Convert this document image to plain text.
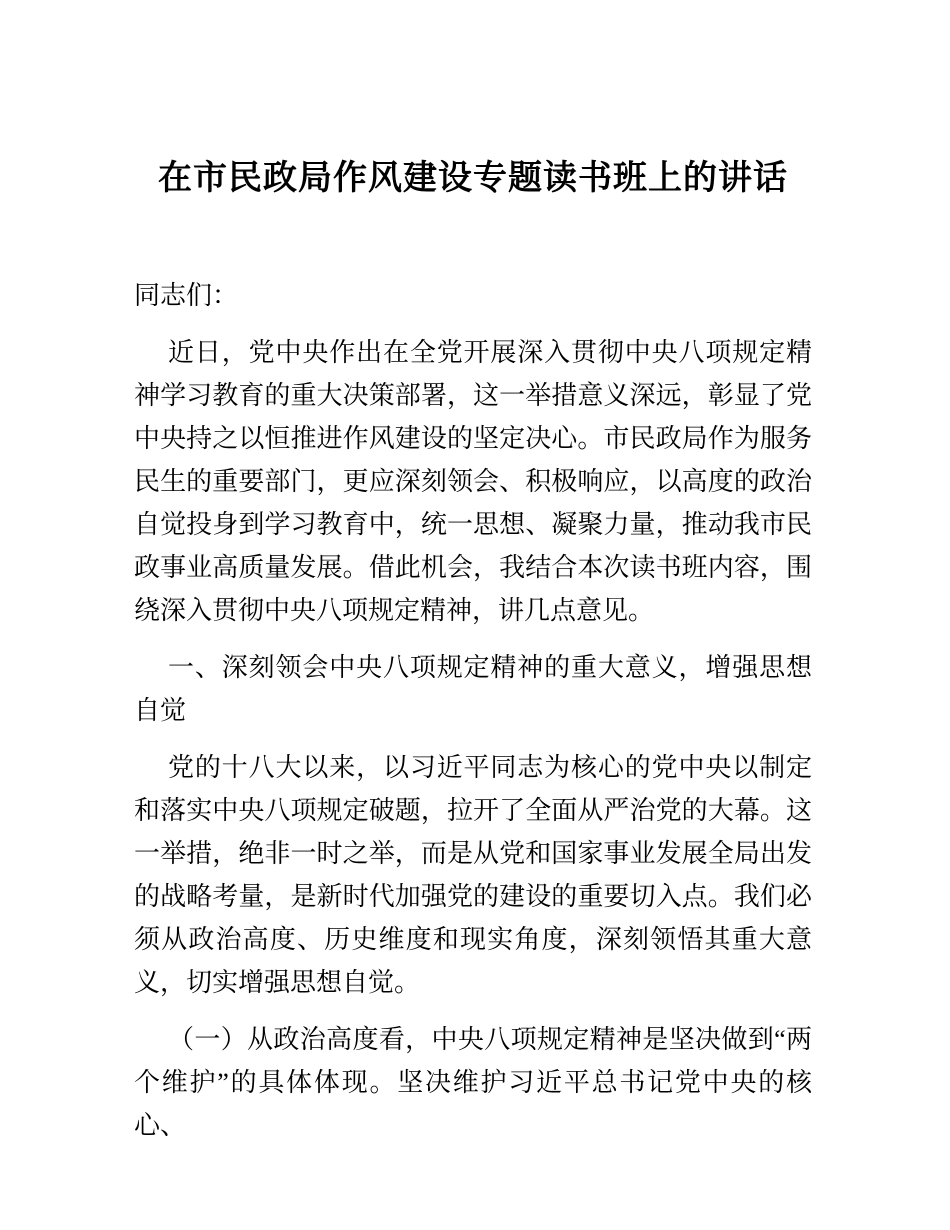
在市民政局作风建设专题读书班上的讲话

同志们：

近日，党中央作出在全党开展深入贯彻中央八项规定精神学习教育的重大决策部署，这一举措意义深远，彰显了党中央持之以恒推进作风建设的坚定决心。市民政局作为服务民生的重要部门，更应深刻领会、积极响应，以高度的政治自觉投身到学习教育中，统一思想、凝聚力量，推动我市民政事业高质量发展。借此机会，我结合本次读书班内容，围绕深入贯彻中央八项规定精神，讲几点意见。

一、深刻领会中央八项规定精神的重大意义，增强思想自觉

党的十八大以来，以习近平同志为核心的党中央以制定和落实中央八项规定破题，拉开了全面从严治党的大幕。这一举措，绝非一时之举，而是从党和国家事业发展全局出发的战略考量，是新时代加强党的建设的重要切入点。我们必须从政治高度、历史维度和现实角度，深刻领悟其重大意义，切实增强思想自觉。

（一）从政治高度看，中央八项规定精神是坚决做到“两个维护”的具体体现。坚决维护习近平总书记党中央的核心、
